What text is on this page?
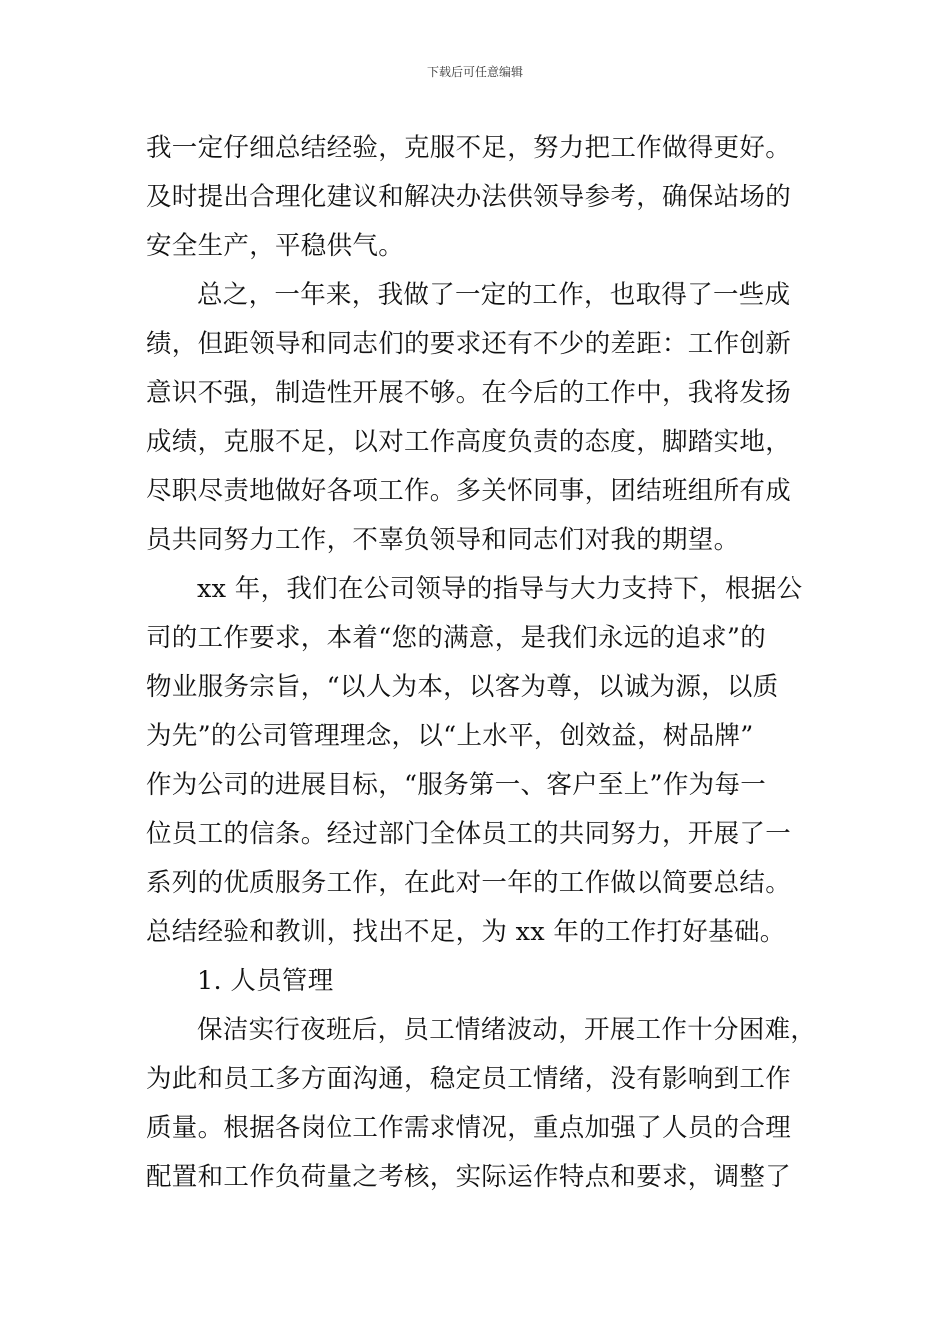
下载后可任意编辑
我一定仔细总结经验，克服不足，努力把工作做得更好。
及时提出合理化建议和解决办法供领导参考，确保站场的
安全生产，平稳供气。
总之，一年来，我做了一定的工作，也取得了一些成
绩，但距领导和同志们的要求还有不少的差距：工作创新
意识不强，制造性开展不够。在今后的工作中，我将发扬
成绩，克服不足，以对工作高度负责的态度，脚踏实地，
尽职尽责地做好各项工作。多关怀同事，团结班组所有成
员共同努力工作，不辜负领导和同志们对我的期望。
xx 年，我们在公司领导的指导与大力支持下，根据公
司的工作要求，本着“您的满意，是我们永远的追求”的
物业服务宗旨，“以人为本，以客为尊，以诚为源，以质
为先”的公司管理理念，以“上水平，创效益，树品牌”
作为公司的进展目标，“服务第一、客户至上”作为每一
位员工的信条。经过部门全体员工的共同努力，开展了一
系列的优质服务工作，在此对一年的工作做以简要总结。
总结经验和教训，找出不足，为 xx 年的工作打好基础。
1. 人员管理
保洁实行夜班后，员工情绪波动，开展工作十分困难，
为此和员工多方面沟通，稳定员工情绪，没有影响到工作
质量。根据各岗位工作需求情况，重点加强了人员的合理
配置和工作负荷量之考核，实际运作特点和要求，调整了
